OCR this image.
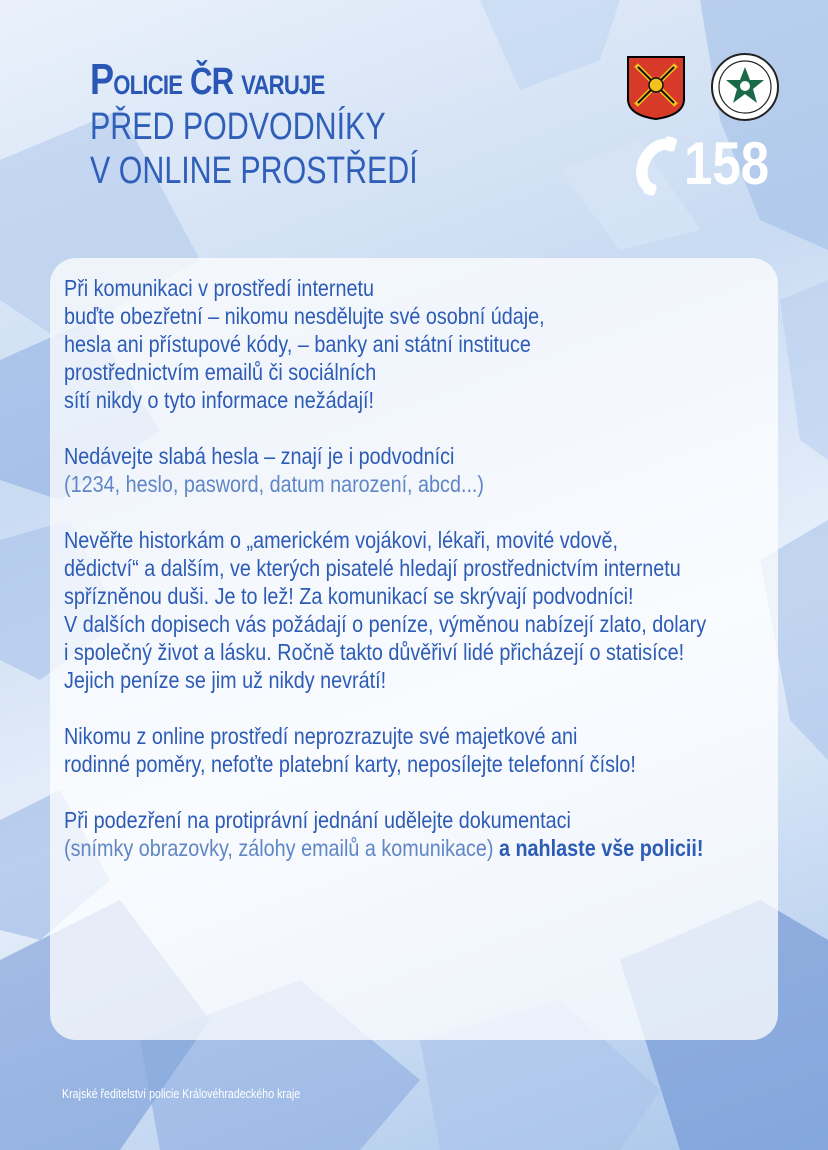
Policie ČR varuje
PŘED PODVODNÍKY
V ONLINE PROSTŘEDÍ	158

Při komunikaci v prostředí internetu
buďte obezřetní – nikomu nesdělujte své osobní údaje,
hesla ani přístupové kódy, – banky ani státní instituce
prostřednictvím emailů či sociálních
sítí nikdy o tyto informace nežádají!

Nedávejte slabá hesla – znají je i podvodníci
(1234, heslo, pasword, datum narození, abcd...)

Nevěřte historkám o „americkém vojákovi, lékaři, movité vdově,
dědictví“ a dalším, ve kterých pisatelé hledají prostřednictvím internetu
spřízněnou duši. Je to lež! Za komunikací se skrývají podvodníci!
V dalších dopisech vás požádají o peníze, výměnou nabízejí zlato, dolary
i společný život a lásku. Ročně takto důvěřiví lidé přicházejí o statisíce!
Jejich peníze se jim už nikdy nevrátí!

Nikomu z online prostředí neprozrazujte své majetkové ani
rodinné poměry, nefoťte platební karty, neposílejte telefonní číslo!

Při podezření na protiprávní jednání udělejte dokumentaci
(snímky obrazovky, zálohy emailů a komunikace) a nahlaste vše policii!

Krajské ředitelství policie Královéhradeckého kraje
